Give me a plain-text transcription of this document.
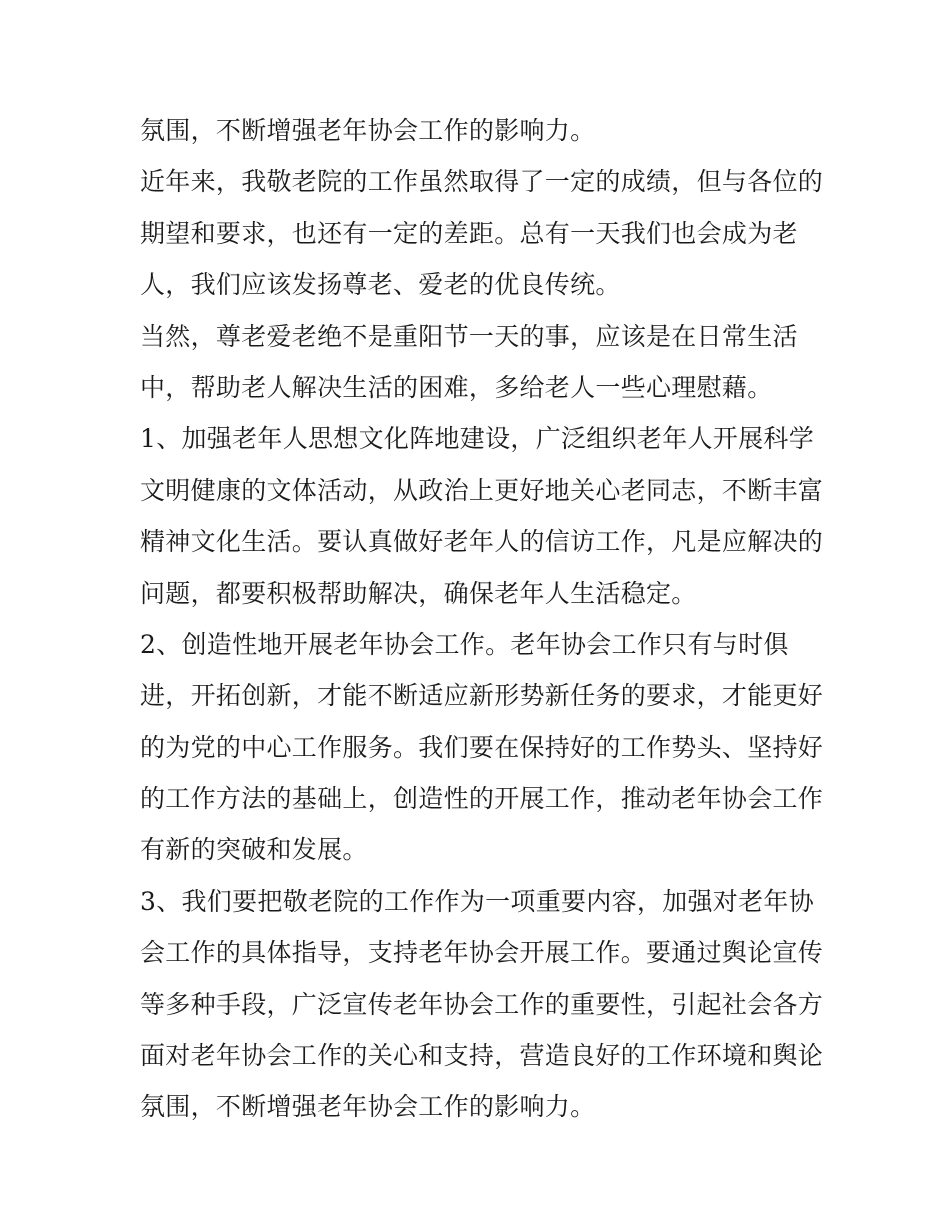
氛围，不断增强老年协会工作的影响力。
近年来，我敬老院的工作虽然取得了一定的成绩，但与各位的
期望和要求，也还有一定的差距。总有一天我们也会成为老
人，我们应该发扬尊老、爱老的优良传统。
当然，尊老爱老绝不是重阳节一天的事，应该是在日常生活
中，帮助老人解决生活的困难，多给老人一些心理慰藉。
1、加强老年人思想文化阵地建设，广泛组织老年人开展科学
文明健康的文体活动，从政治上更好地关心老同志，不断丰富
精神文化生活。要认真做好老年人的信访工作，凡是应解决的
问题，都要积极帮助解决，确保老年人生活稳定。
2、创造性地开展老年协会工作。老年协会工作只有与时俱
进，开拓创新，才能不断适应新形势新任务的要求，才能更好
的为党的中心工作服务。我们要在保持好的工作势头、坚持好
的工作方法的基础上，创造性的开展工作，推动老年协会工作
有新的突破和发展。
3、我们要把敬老院的工作作为一项重要内容，加强对老年协
会工作的具体指导，支持老年协会开展工作。要通过舆论宣传
等多种手段，广泛宣传老年协会工作的重要性，引起社会各方
面对老年协会工作的关心和支持，营造良好的工作环境和舆论
氛围，不断增强老年协会工作的影响力。
